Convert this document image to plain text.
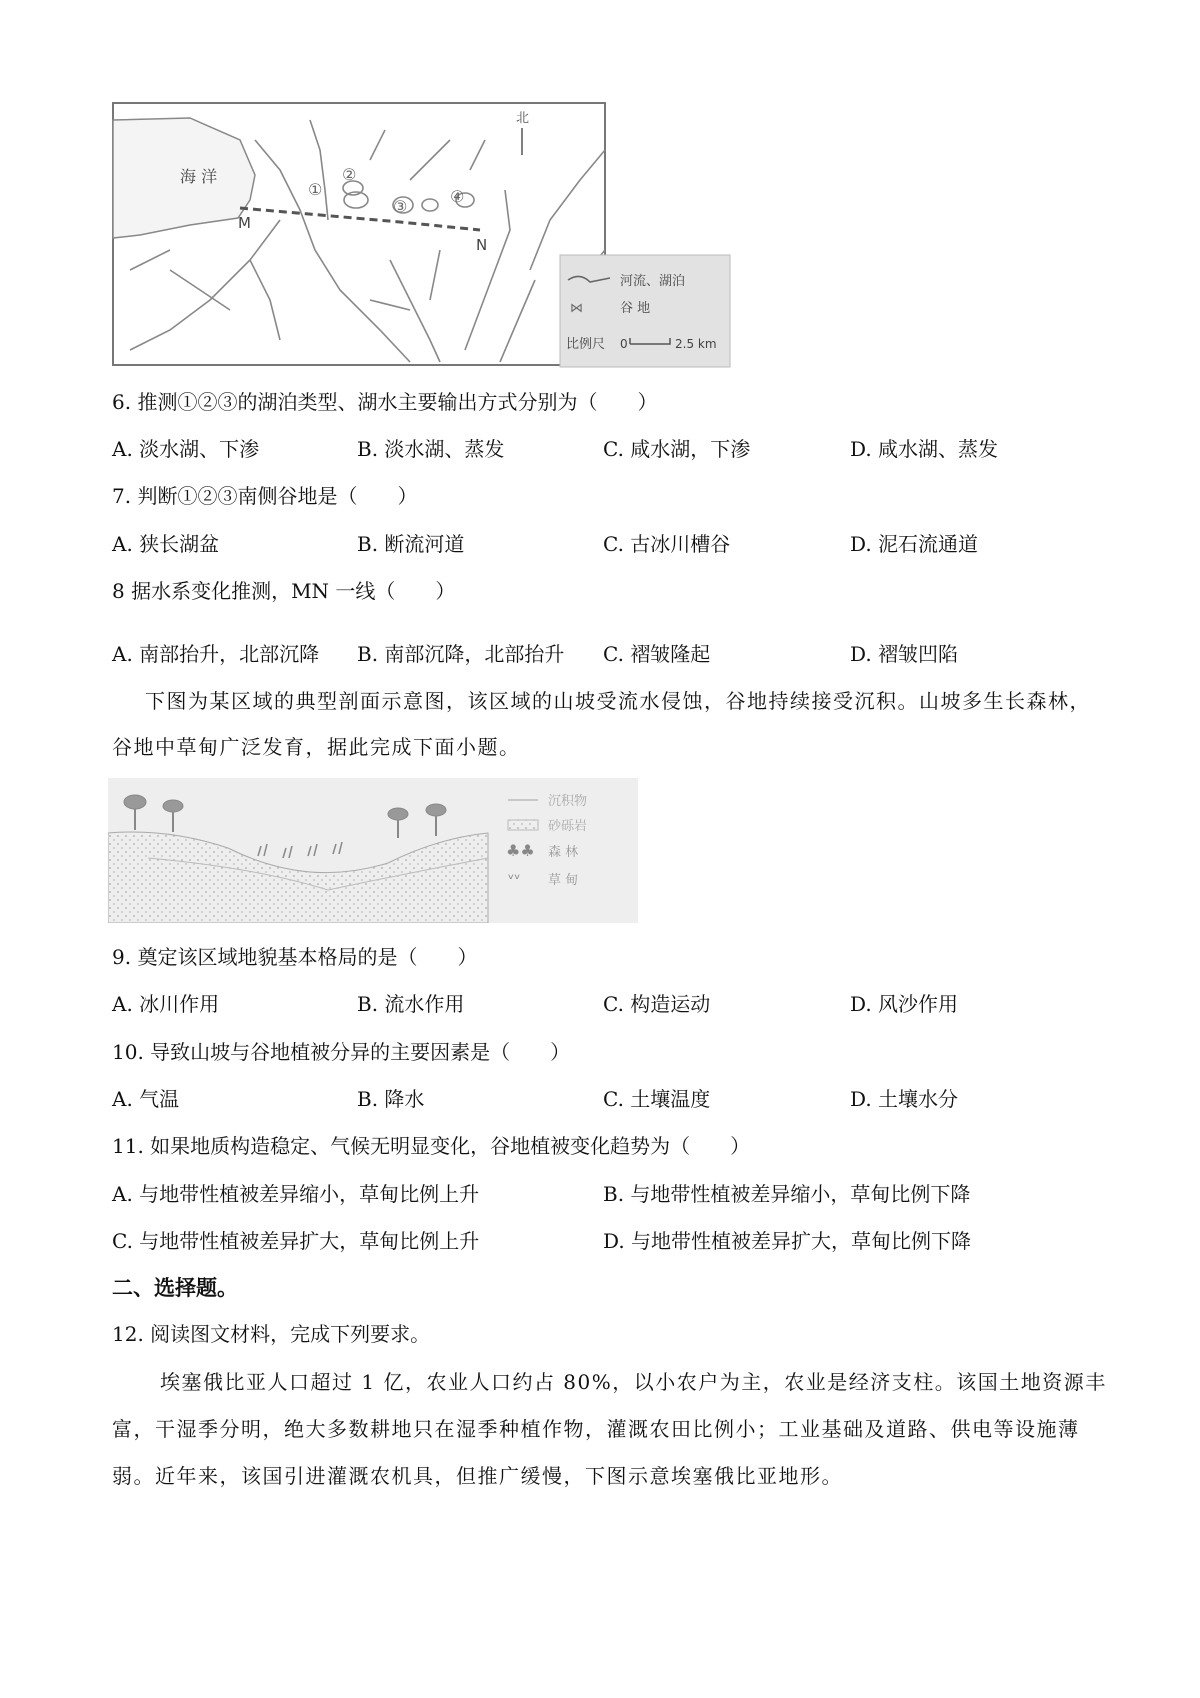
海 洋
M
N
①
②
③
④
北
河流、湖泊
⋈	谷 地
比例尺 0	2.5 km
6. 推测①②③的湖泊类型、湖水主要输出方式分别为（　　）
A. 淡水湖、下渗	B. 淡水湖、蒸发	C. 咸水湖，下渗	D. 咸水湖、蒸发
7. 判断①②③南侧谷地是（　　）
A. 狭长湖盆	B. 断流河道	C. 古冰川槽谷	D. 泥石流通道
8 据水系变化推测，MN 一线（　　）
A. 南部抬升，北部沉降 B. 南部沉降，北部抬升 C. 褶皱隆起	D. 褶皱凹陷
下图为某区域的典型剖面示意图，该区域的山坡受流水侵蚀，谷地持续接受沉积。山坡多生长森林，
谷地中草甸广泛发育，据此完成下面小题。
沉积物
砂砾岩
♣♣ 森 林
ᵛᵛ 草 甸
9. 奠定该区域地貌基本格局的是（　　）
A. 冰川作用	B. 流水作用	C. 构造运动	D. 风沙作用
10. 导致山坡与谷地植被分异的主要因素是（　　）
A. 气温	B. 降水	C. 土壤温度	D. 土壤水分
11. 如果地质构造稳定、气候无明显变化，谷地植被变化趋势为（　　）
A. 与地带性植被差异缩小，草甸比例上升	B. 与地带性植被差异缩小，草甸比例下降
C. 与地带性植被差异扩大，草甸比例上升	D. 与地带性植被差异扩大，草甸比例下降
二、选择题。
12. 阅读图文材料，完成下列要求。
埃塞俄比亚人口超过 1 亿，农业人口约占 80%，以小农户为主，农业是经济支柱。该国土地资源丰
富，干湿季分明，绝大多数耕地只在湿季种植作物，灌溉农田比例小；工业基础及道路、供电等设施薄
弱。近年来，该国引进灌溉农机具，但推广缓慢，下图示意埃塞俄比亚地形。
